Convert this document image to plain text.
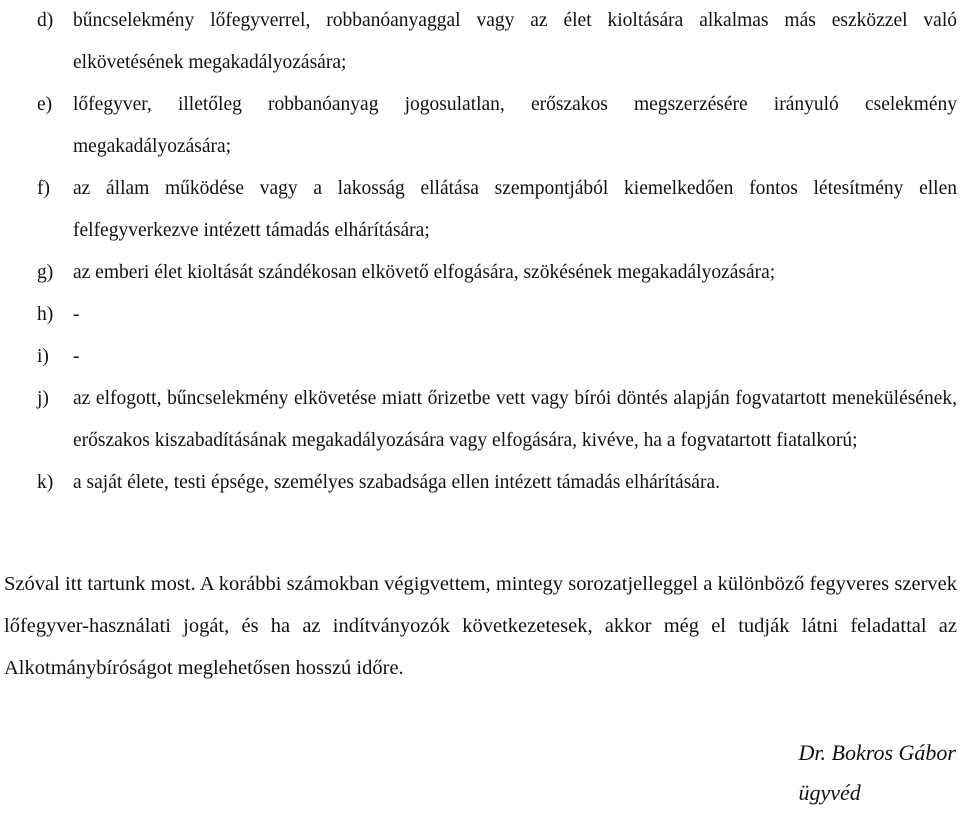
d) bűncselekmény lőfegyverrel, robbanóanyaggal vagy az élet kioltására alkalmas más eszközzel való elkövetésének megakadályozására;
e) lőfegyver, illetőleg robbanóanyag jogosulatlan, erőszakos megszerzésére irányuló cselekmény megakadályozására;
f) az állam működése vagy a lakosság ellátása szempontjából kiemelkedően fontos létesítmény ellen felfegyverkezve intézett támadás elhárítására;
g) az emberi élet kioltását szándékosan elkövető elfogására, szökésének megakadályozására;
h) -
i) -
j) az elfogott, bűncselekmény elkövetése miatt őrizetbe vett vagy bírói döntés alapján fogvatartott menekülésének, erőszakos kiszabadításának megakadályozására vagy elfogására, kivéve, ha a fogvatartott fiatalkorú;
k) a saját élete, testi épsége, személyes szabadsága ellen intézett támadás elhárítására.

Szóval itt tartunk most. A korábbi számokban végigvettem, mintegy sorozatjelleggel a különböző fegyveres szervek lőfegyver-használati jogát, és ha az indítványozók következetesek, akkor még el tudják látni feladattal az Alkotmánybíróságot meglehetősen hosszú időre.

Dr. Bokros Gábor
ügyvéd
